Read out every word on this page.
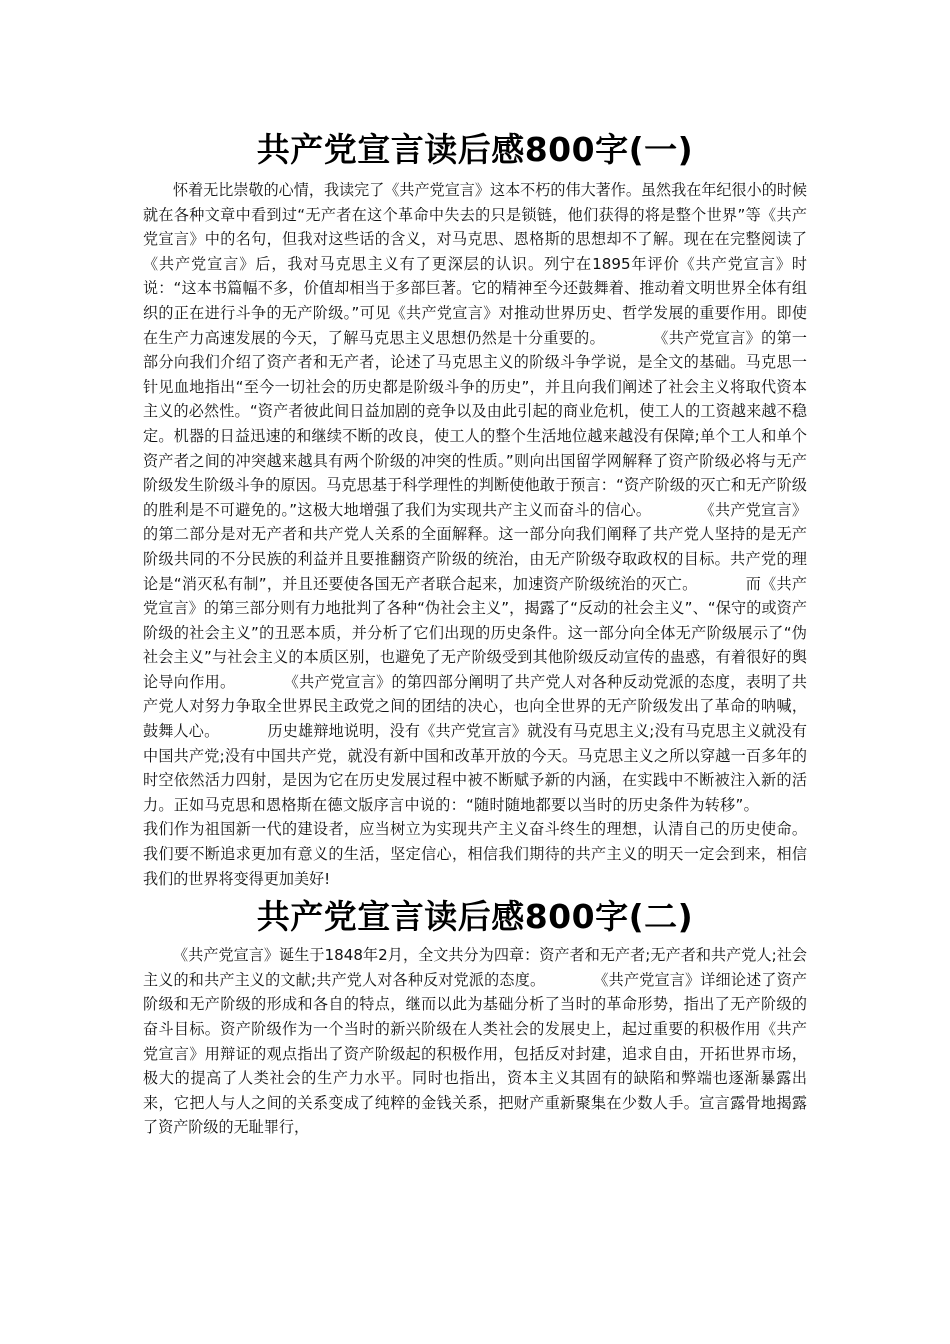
共产党宣言读后感800字(一)

怀着无比崇敬的心情，我读完了《共产党宣言》这本不朽的伟大著作。虽然我在年纪很小的时候就在各种文章中看到过“无产者在这个革命中失去的只是锁链，他们获得的将是整个世界”等《共产党宣言》中的名句，但我对这些话的含义，对马克思、恩格斯的思想却不了解。现在在完整阅读了《共产党宣言》后，我对马克思主义有了更深层的认识。列宁在1895年评价《共产党宣言》时说：“这本书篇幅不多，价值却相当于多部巨著。它的精神至今还鼓舞着、推动着文明世界全体有组织的正在进行斗争的无产阶级。”可见《共产党宣言》对推动世界历史、哲学发展的重要作用。即使在生产力高速发展的今天，了解马克思主义思想仍然是十分重要的。	《共产党宣言》的第一部分向我们介绍了资产者和无产者，论述了马克思主义的阶级斗争学说，是全文的基础。马克思一针见血地指出“至今一切社会的历史都是阶级斗争的历史”，并且向我们阐述了社会主义将取代资本主义的必然性。“资产者彼此间日益加剧的竞争以及由此引起的商业危机，使工人的工资越来越不稳定。机器的日益迅速的和继续不断的改良，使工人的整个生活地位越来越没有保障;单个工人和单个资产者之间的冲突越来越具有两个阶级的冲突的性质。”则向出国留学网解释了资产阶级必将与无产阶级发生阶级斗争的原因。马克思基于科学理性的判断使他敢于预言：“资产阶级的灭亡和无产阶级的胜利是不可避免的。”这极大地增强了我们为实现共产主义而奋斗的信心。	《共产党宣言》的第二部分是对无产者和共产党人关系的全面解释。这一部分向我们阐释了共产党人坚持的是无产阶级共同的不分民族的利益并且要推翻资产阶级的统治，由无产阶级夺取政权的目标。共产党的理论是“消灭私有制”，并且还要使各国无产者联合起来，加速资产阶级统治的灭亡。	而《共产党宣言》的第三部分则有力地批判了各种“伪社会主义”，揭露了“反动的社会主义”、“保守的或资产阶级的社会主义”的丑恶本质，并分析了它们出现的历史条件。这一部分向全体无产阶级展示了“伪社会主义”与社会主义的本质区别，也避免了无产阶级受到其他阶级反动宣传的蛊惑，有着很好的舆论导向作用。	《共产党宣言》的第四部分阐明了共产党人对各种反动党派的态度，表明了共产党人对努力争取全世界民主政党之间的团结的决心，也向全世界的无产阶级发出了革命的呐喊，鼓舞人心。	历史雄辩地说明，没有《共产党宣言》就没有马克思主义;没有马克思主义就没有中国共产党;没有中国共产党，就没有新中国和改革开放的今天。马克思主义之所以穿越一百多年的时空依然活力四射，是因为它在历史发展过程中被不断赋予新的内涵，在实践中不断被注入新的活力。正如马克思和恩格斯在德文版序言中说的：“随时随地都要以当时的历史条件为转移”。我们作为祖国新一代的建设者，应当树立为实现共产主义奋斗终生的理想，认清自己的历史使命。我们要不断追求更加有意义的生活，坚定信心，相信我们期待的共产主义的明天一定会到来，相信我们的世界将变得更加美好!

共产党宣言读后感800字(二)

《共产党宣言》诞生于1848年2月，全文共分为四章：资产者和无产者;无产者和共产党人;社会主义的和共产主义的文献;共产党人对各种反对党派的态度。	《共产党宣言》详细论述了资产阶级和无产阶级的形成和各自的特点，继而以此为基础分析了当时的革命形势，指出了无产阶级的奋斗目标。资产阶级作为一个当时的新兴阶级在人类社会的发展史上，起过重要的积极作用《共产党宣言》用辩证的观点指出了资产阶级起的积极作用，包括反对封建，追求自由，开拓世界市场，极大的提高了人类社会的生产力水平。同时也指出，资本主义其固有的缺陷和弊端也逐渐暴露出来，它把人与人之间的关系变成了纯粹的金钱关系，把财产重新聚集在少数人手。宣言露骨地揭露了资产阶级的无耻罪行，
